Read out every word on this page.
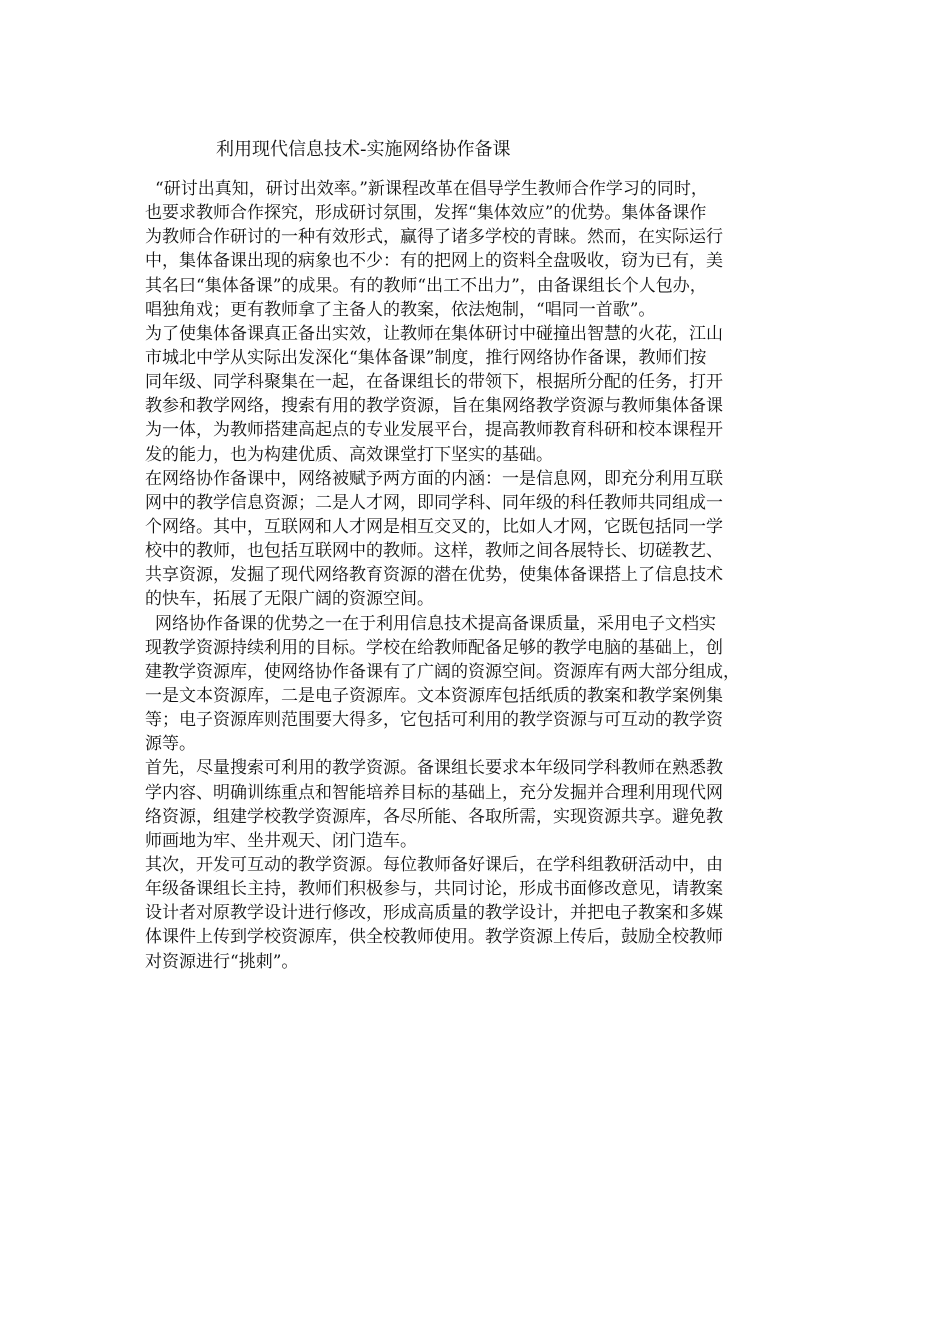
利用现代信息技术-实施网络协作备课
“研讨出真知，研讨出效率。”新课程改革在倡导学生教师合作学习的同时，
也要求教师合作探究，形成研讨氛围，发挥“集体效应”的优势。集体备课作
为教师合作研讨的一种有效形式，赢得了诸多学校的青睐。然而，在实际运行
中，集体备课出现的病象也不少：有的把网上的资料全盘吸收，窃为已有，美
其名曰“集体备课”的成果。有的教师“出工不出力”，由备课组长个人包办，
唱独角戏；更有教师拿了主备人的教案，依法炮制，“唱同一首歌”。
为了使集体备课真正备出实效，让教师在集体研讨中碰撞出智慧的火花，江山
市城北中学从实际出发深化“集体备课”制度，推行网络协作备课，教师们按
同年级、同学科聚集在一起，在备课组长的带领下，根据所分配的任务，打开
教参和教学网络，搜索有用的教学资源，旨在集网络教学资源与教师集体备课
为一体，为教师搭建高起点的专业发展平台，提高教师教育科研和校本课程开
发的能力，也为构建优质、高效课堂打下坚实的基础。
在网络协作备课中，网络被赋予两方面的内涵：一是信息网，即充分利用互联
网中的教学信息资源；二是人才网，即同学科、同年级的科任教师共同组成一
个网络。其中，互联网和人才网是相互交叉的，比如人才网，它既包括同一学
校中的教师，也包括互联网中的教师。这样，教师之间各展特长、切磋教艺、
共享资源，发掘了现代网络教育资源的潜在优势，使集体备课搭上了信息技术
的快车，拓展了无限广阔的资源空间。
网络协作备课的优势之一在于利用信息技术提高备课质量，采用电子文档实
现教学资源持续利用的目标。学校在给教师配备足够的教学电脑的基础上，创
建教学资源库，使网络协作备课有了广阔的资源空间。资源库有两大部分组成，
一是文本资源库，二是电子资源库。文本资源库包括纸质的教案和教学案例集
等；电子资源库则范围要大得多，它包括可利用的教学资源与可互动的教学资
源等。
首先，尽量搜索可利用的教学资源。备课组长要求本年级同学科教师在熟悉教
学内容、明确训练重点和智能培养目标的基础上，充分发掘并合理利用现代网
络资源，组建学校教学资源库，各尽所能、各取所需，实现资源共享。避免教
师画地为牢、坐井观天、闭门造车。
其次，开发可互动的教学资源。每位教师备好课后，在学科组教研活动中，由
年级备课组长主持，教师们积极参与，共同讨论，形成书面修改意见，请教案
设计者对原教学设计进行修改，形成高质量的教学设计，并把电子教案和多媒
体课件上传到学校资源库，供全校教师使用。教学资源上传后，鼓励全校教师
对资源进行“挑刺”。
